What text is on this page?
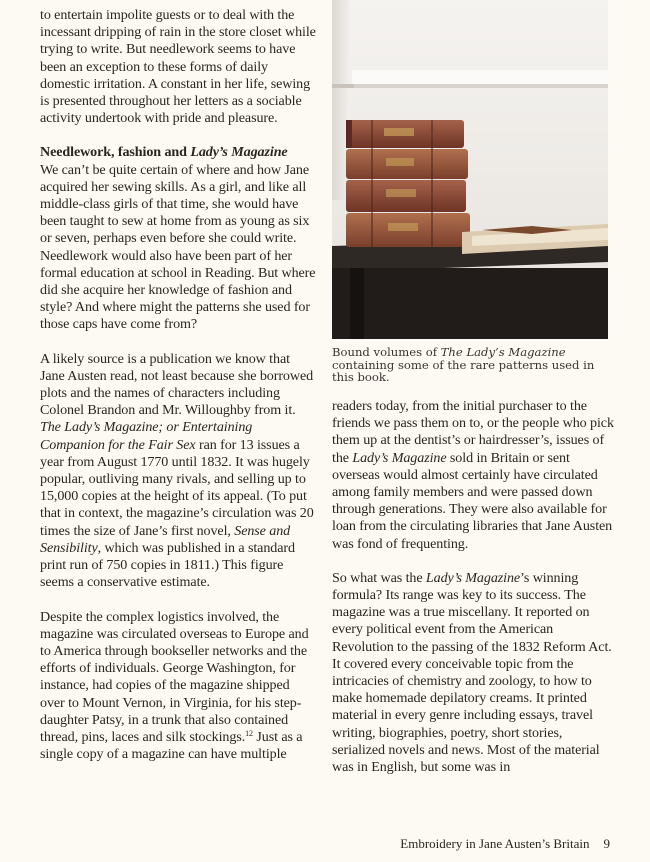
to entertain impolite guests or to deal with the incessant dripping of rain in the store closet while trying to write. But needlework seems to have been an exception to these forms of daily domestic irritation. A constant in her life, sewing is presented throughout her letters as a sociable activity undertook with pride and pleasure.

Needlework, fashion and Lady’s Magazine

We can’t be quite certain of where and how Jane acquired her sewing skills. As a girl, and like all middle-class girls of that time, she would have been taught to sew at home from as young as six or seven, perhaps even before she could write. Needlework would also have been part of her formal education at school in Reading. But where did she acquire her knowledge of fashion and style? And where might the patterns she used for those caps have come from?

A likely source is a publication we know that Jane Austen read, not least because she borrowed plots and the names of characters including Colonel Brandon and Mr. Willoughby from it. The Lady’s Magazine; or Entertaining Companion for the Fair Sex ran for 13 issues a year from August 1770 until 1832. It was hugely popular, outliving many rivals, and selling up to 15,000 copies at the height of its appeal. (To put that in context, the magazine’s circulation was 20 times the size of Jane’s first novel, Sense and Sensibility, which was published in a standard print run of 750 copies in 1811.) This figure seems a conservative estimate.

Despite the complex logistics involved, the magazine was circulated overseas to Europe and to America through bookseller networks and the efforts of individuals. George Washington, for instance, had copies of the magazine shipped over to Mount Vernon, in Virginia, for his step-daughter Patsy, in a trunk that also contained thread, pins, laces and silk stockings.$^{12}$ Just as a single copy of a magazine can have multiple

Bound volumes of The Lady’s Magazine containing some of the rare patterns used in this book.

readers today, from the initial purchaser to the friends we pass them on to, or the people who pick them up at the dentist’s or hairdresser’s, issues of the Lady’s Magazine sold in Britain or sent overseas would almost certainly have circulated among family members and were passed down through generations. They were also available for loan from the circulating libraries that Jane Austen was fond of frequenting.

So what was the Lady’s Magazine’s winning formula? Its range was key to its success. The magazine was a true miscellany. It reported on every political event from the American Revolution to the passing of the 1832 Reform Act. It covered every conceivable topic from the intricacies of chemistry and zoology, to how to make homemade depilatory creams. It printed material in every genre including essays, travel writing, biographies, poetry, short stories, serialized novels and news. Most of the material was in English, but some was in

Embroidery in Jane Austen’s Britain 9
